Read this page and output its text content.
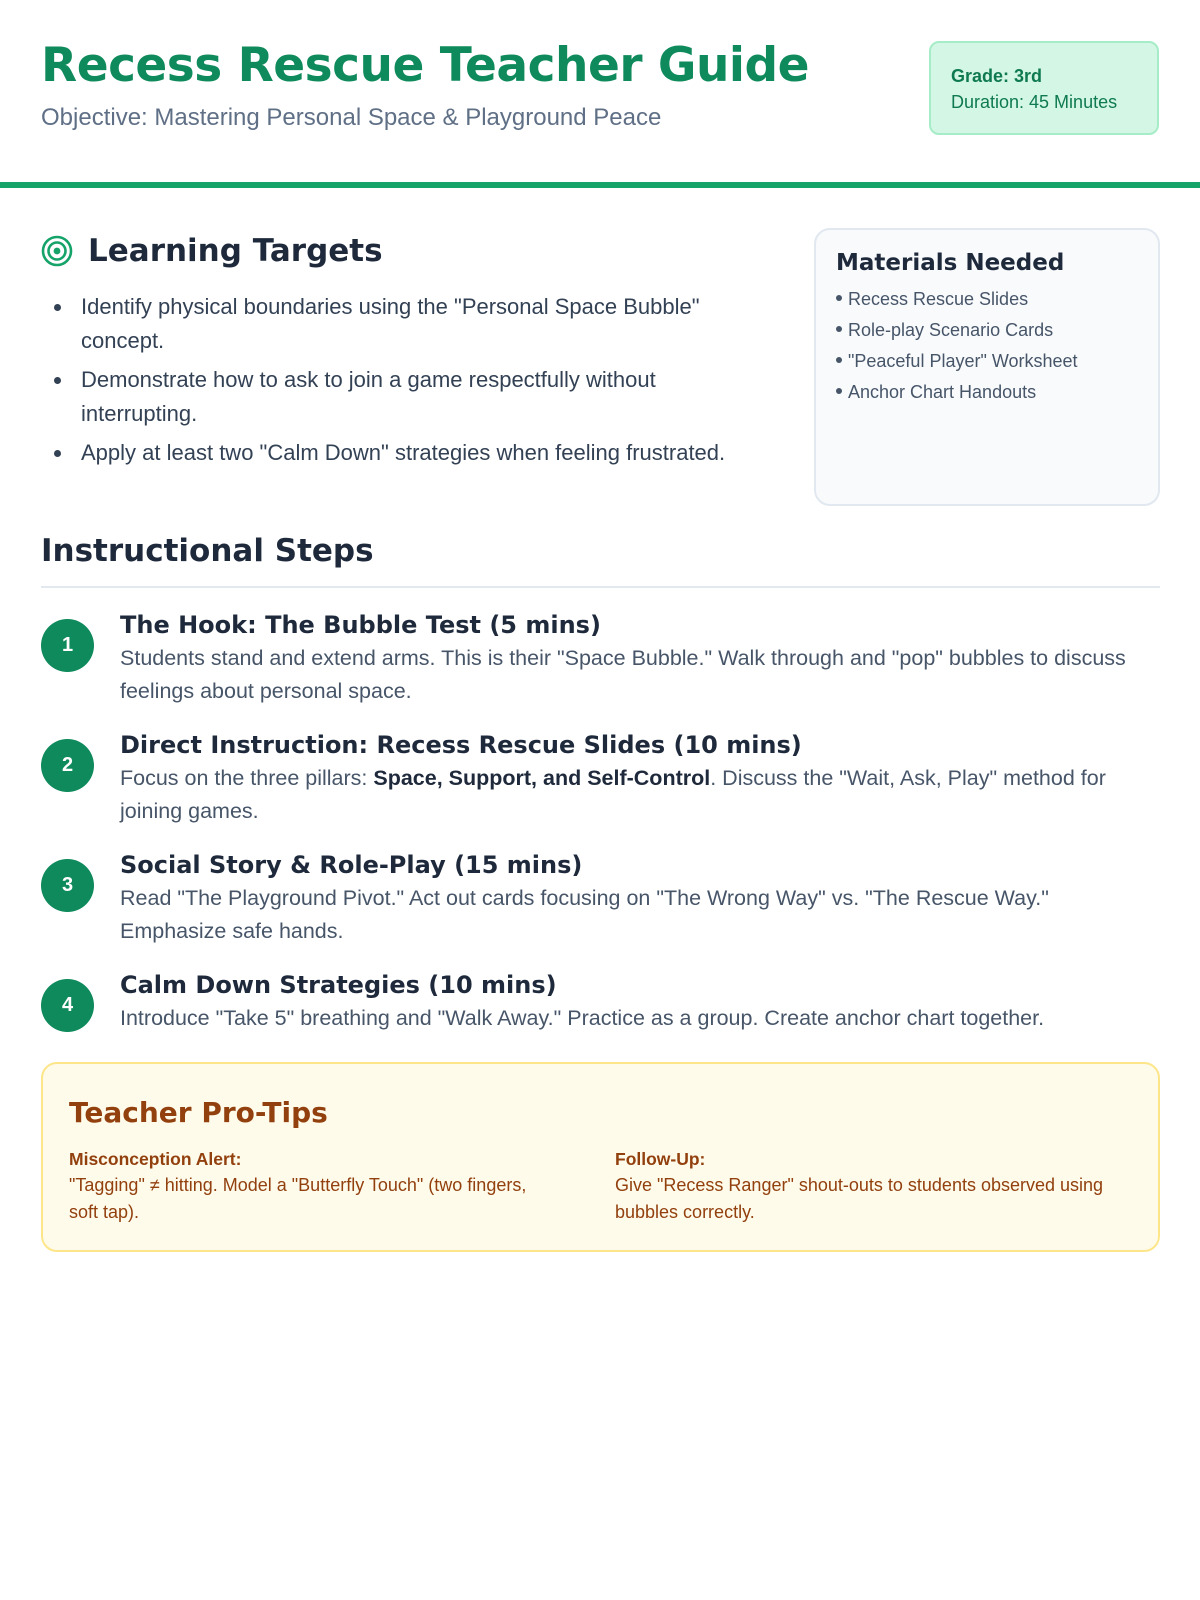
Recess Rescue Teacher Guide
Objective: Mastering Personal Space & Playground Peace
Grade: 3rd
Duration: 45 Minutes
Learning Targets
Identify physical boundaries using the "Personal Space Bubble" concept.
Demonstrate how to ask to join a game respectfully without interrupting.
Apply at least two "Calm Down" strategies when feeling frustrated.
Materials Needed
Recess Rescue Slides
Role-play Scenario Cards
"Peaceful Player" Worksheet
Anchor Chart Handouts
Instructional Steps
1
The Hook: The Bubble Test (5 mins)
Students stand and extend arms. This is their "Space Bubble." Walk through and "pop" bubbles to discuss feelings about personal space.
2
Direct Instruction: Recess Rescue Slides (10 mins)
Focus on the three pillars: Space, Support, and Self-Control. Discuss the "Wait, Ask, Play" method for joining games.
3
Social Story & Role-Play (15 mins)
Read "The Playground Pivot." Act out cards focusing on "The Wrong Way" vs. "The Rescue Way." Emphasize safe hands.
4
Calm Down Strategies (10 mins)
Introduce "Take 5" breathing and "Walk Away." Practice as a group. Create anchor chart together.
Teacher Pro-Tips
Misconception Alert:
"Tagging" ≠ hitting. Model a "Butterfly Touch" (two fingers, soft tap).
Follow-Up:
Give "Recess Ranger" shout-outs to students observed using bubbles correctly.
